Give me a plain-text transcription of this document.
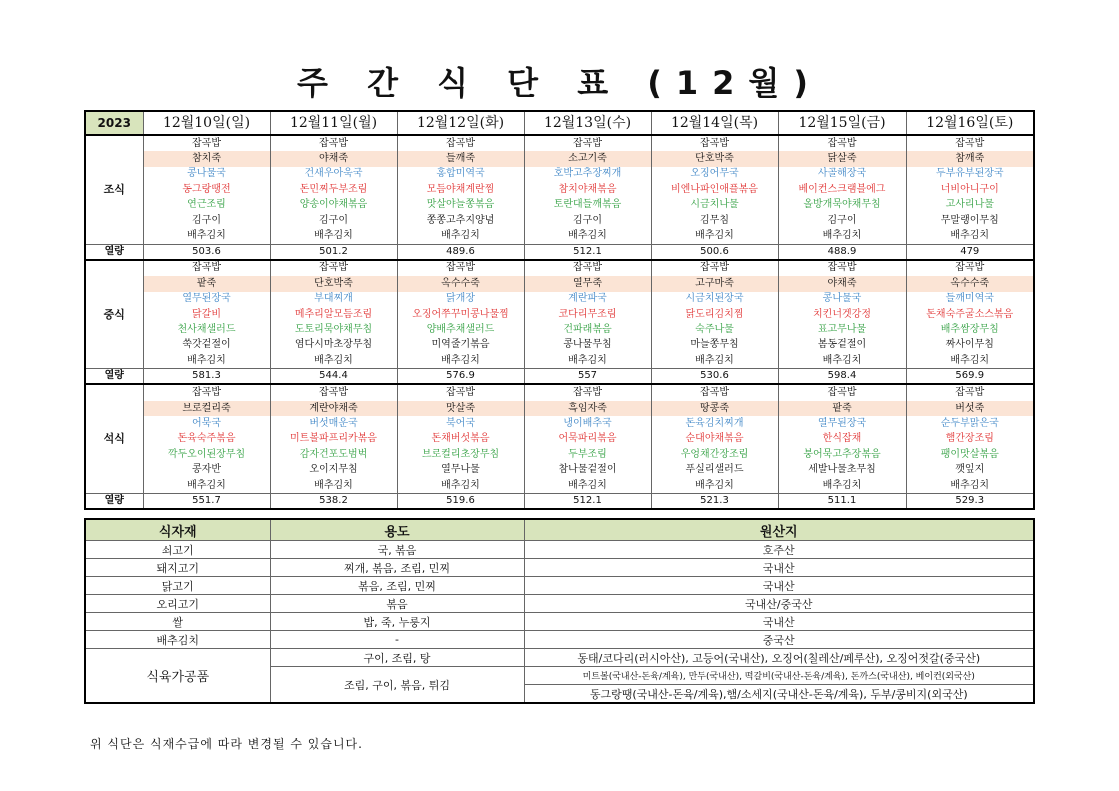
주 간 식 단 표 (12월)
2023	12월10일(일)	12월11일(월)	12월12일(화)	12월13일(수)	12월14일(목)	12월15일(금)	12월16일(토)
조식	잡곡밥	잡곡밥	잡곡밥	잡곡밥	잡곡밥	잡곡밥	잡곡밥
	참치죽	야채죽	들깨죽	소고기죽	단호박죽	닭살죽	참깨죽
	콩나물국	건새우아욱국	홍합미역국	호박고추장찌개	오징어무국	사골해장국	두부유부된장국
	동그랑땡전	돈민찌두부조림	모듬야채계란찜	참치야채볶음	비엔나파인애플볶음	베이컨스크램블에그	너비아니구이
	연근조림	양송이야채볶음	맛살야늘쫑볶음	토란대들깨볶음	시금치나물	올방개묵야채무침	고사리나물
	김구이	김구이	쫑쫑고추지양념	김구이	김무침	김구이	무말랭이무침
	배추김치	배추김치	배추김치	배추김치	배추김치	배추김치	배추김치
열량	503.6	501.2	489.6	512.1	500.6	488.9	479
중식	잡곡밥	잡곡밥	잡곡밥	잡곡밥	잡곡밥	잡곡밥	잡곡밥
	팥죽	단호박죽	옥수수죽	열무죽	고구마죽	야채죽	옥수수죽
	열무된장국	부대찌개	닭개장	계란파국	시금치된장국	콩나물국	들깨미역국
	닭갈비	메추리알모듬조림	오징어쭈꾸미콩나물찜	코다리무조림	닭도리김치찜	치킨너겟강정	돈채숙주굴소스볶음
	천사채샐러드	도토리묵야채무침	양배추채샐러드	건파래볶음	숙주나물	표고무나물	배추쌈장무침
	쑥갓겉절이	염다시마초장무침	미역줄기볶음	콩나물무침	마늘쫑무침	봄동겉절이	짜사이무침
	배추김치	배추김치	배추김치	배추김치	배추김치	배추김치	배추김치
열량	581.3	544.4	576.9	557	530.6	598.4	569.9
석식	잡곡밥	잡곡밥	잡곡밥	잡곡밥	잡곡밥	잡곡밥	잡곡밥
	브로컬리죽	계란야채죽	맛살죽	흑임자죽	땅콩죽	팥죽	버섯죽
	어묵국	버섯매운국	북어국	냉이배추국	돈육김치찌개	열무된장국	순두부맑은국
	돈육숙주볶음	미트볼파프리카볶음	돈채버섯볶음	어묵파리볶음	순대야채볶음	한식잡채	햄간장조림
	깍두오이된장무침	감자건포도범벅	브로컬리초장무침	두부조림	우엉채간장조림	붕어묵고추장볶음	팽이맛살볶음
	콩자반	오이지무침	열무나물	참나물겉절이	푸실리샐러드	세발나물초무침	깻잎지
	배추김치	배추김치	배추김치	배추김치	배추김치	배추김치	배추김치
열량	551.7	538.2	519.6	512.1	521.3	511.1	529.3
식자재	용도	원산지
쇠고기	국, 볶음	호주산
돼지고기	찌개, 볶음, 조림, 민찌	국내산
닭고기	볶음, 조림, 민찌	국내산
오리고기	볶음	국내산/중국산
쌀	밥, 죽, 누룽지	국내산
배추김치	-	중국산
식육가공품	구이, 조림, 탕	동태/코다리(러시아산), 고등어(국내산), 오징어(칠레산/페루산), 오징어젓갈(중국산)
	조림, 구이, 볶음, 튀김	미트볼(국내산-돈육/계육), 만두(국내산), 떡갈비(국내산-돈육/계육), 돈까스(국내산), 베이컨(외국산)
		동그랑땡(국내산-돈육/계육),햄/소세지(국내산-돈육/계육), 두부/콩비지(외국산)
위 식단은 식재수급에 따라 변경될 수 있습니다.
